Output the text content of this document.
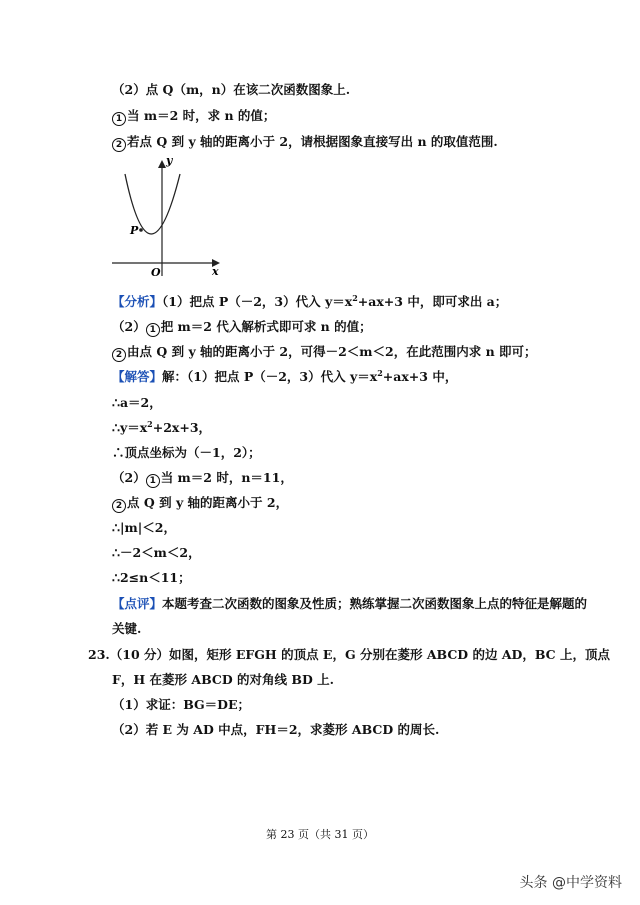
（2）点 Q（m，n）在该二次函数图象上.
1 当 m＝2 时，求 n 的值；
2 若点 Q 到 y 轴的距离小于 2，请根据图象直接写出 n 的取值范围.
y
x
O
P
【分析】（1）把点 P（－2，3）代入 $y=x^2+ax+3$ 中，即可求出 a；
（2） 1 把 m＝2 代入解析式即可求 n 的值；
2 由点 Q 到 y 轴的距离小于 2，可得－2＜m＜2，在此范围内求 n 即可；
【解答】解：（1）把点 P（－2，3）代入 $y=x^2+ax+3$ 中，
∴a＝2，
$\therefore y=x^2+2x+3$，
∴顶点坐标为（－1，2）；
（2） 1 当 m＝2 时，n＝11，
2 点 Q 到 y 轴的距离小于 2，
∴|m|＜2，
∴－2＜m＜2，
∴2≤n＜11；
【点评】本题考查二次函数的图象及性质；熟练掌握二次函数图象上点的特征是解题的
关键.
23.（10 分）如图，矩形 EFGH 的顶点 E，G 分别在菱形 ABCD 的边 AD，BC 上，顶点
F，H 在菱形 ABCD 的对角线 BD 上.
（1）求证：BG＝DE；
（2）若 E 为 AD 中点，FH＝2，求菱形 ABCD 的周长.
第 23 页（共 31 页）
头条 @中学资料
